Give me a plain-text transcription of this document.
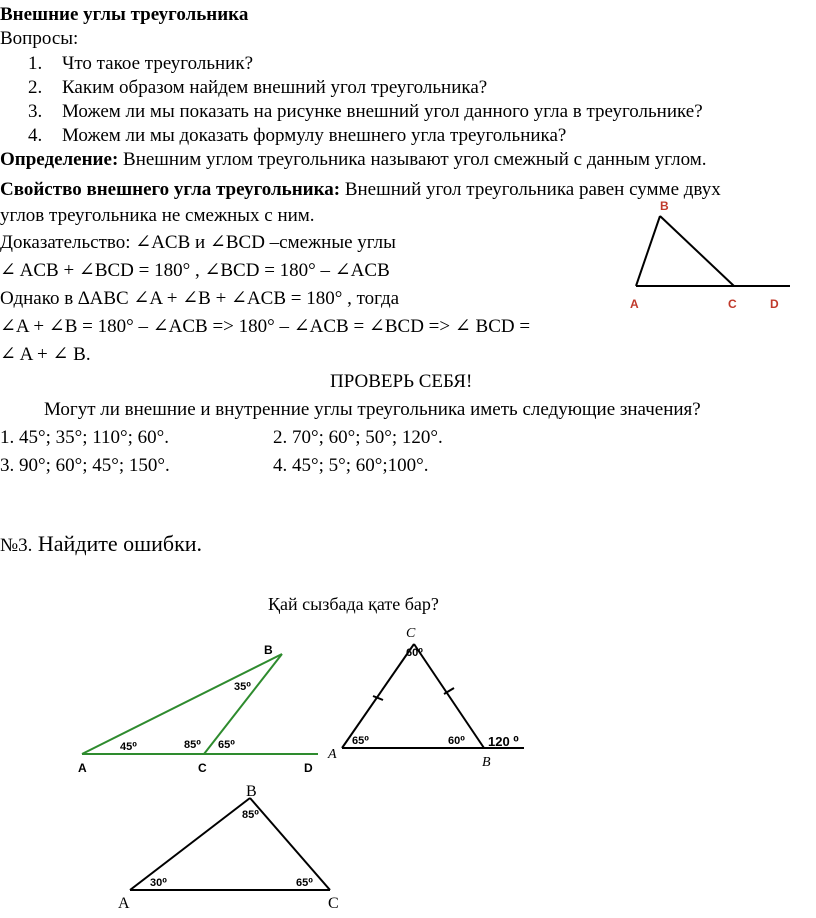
Внешние углы треугольника
Вопросы:
1. Что такое треугольник?
2. Каким образом найдем внешний угол треугольника?
3. Можем ли мы показать на рисунке внешний угол данного угла в треугольнике?
4. Можем ли мы доказать формулу внешнего угла треугольника?
Определение: Внешним углом треугольника называют угол смежный с данным углом.
Свойство внешнего угла треугольника: Внешний угол треугольника равен сумме двух
углов треугольника не смежных с ним.
Доказательство: ∠ACB и ∠BCD –смежные углы
∠ ACB + ∠BCD = 180° , ∠BCD = 180° – ∠ACB
Однако в ∆ABC ∠A + ∠B + ∠ACB = 180° , тогда
∠A + ∠B = 180° – ∠ACB => 180° – ∠ACB = ∠BCD => ∠ BCD =
∠ A + ∠ B.
B
A	C	D
ПРОВЕРЬ СЕБЯ!
Могут ли внешние и внутренние углы треугольника иметь следующие значения?
1. 45°; 35°; 110°; 60°.	2. 70°; 60°; 50°; 120°.
3. 90°; 60°; 45°; 150°.	4. 45°; 5°; 60°;100°.
№3. Найдите ошибки.
Қай сызбада қате бар?
B
A	C	D
45⁰
35⁰
85⁰ 65⁰
C
A
B
60⁰
65⁰	60⁰ 120 ⁰
B
A	C
85⁰
30⁰	65⁰
